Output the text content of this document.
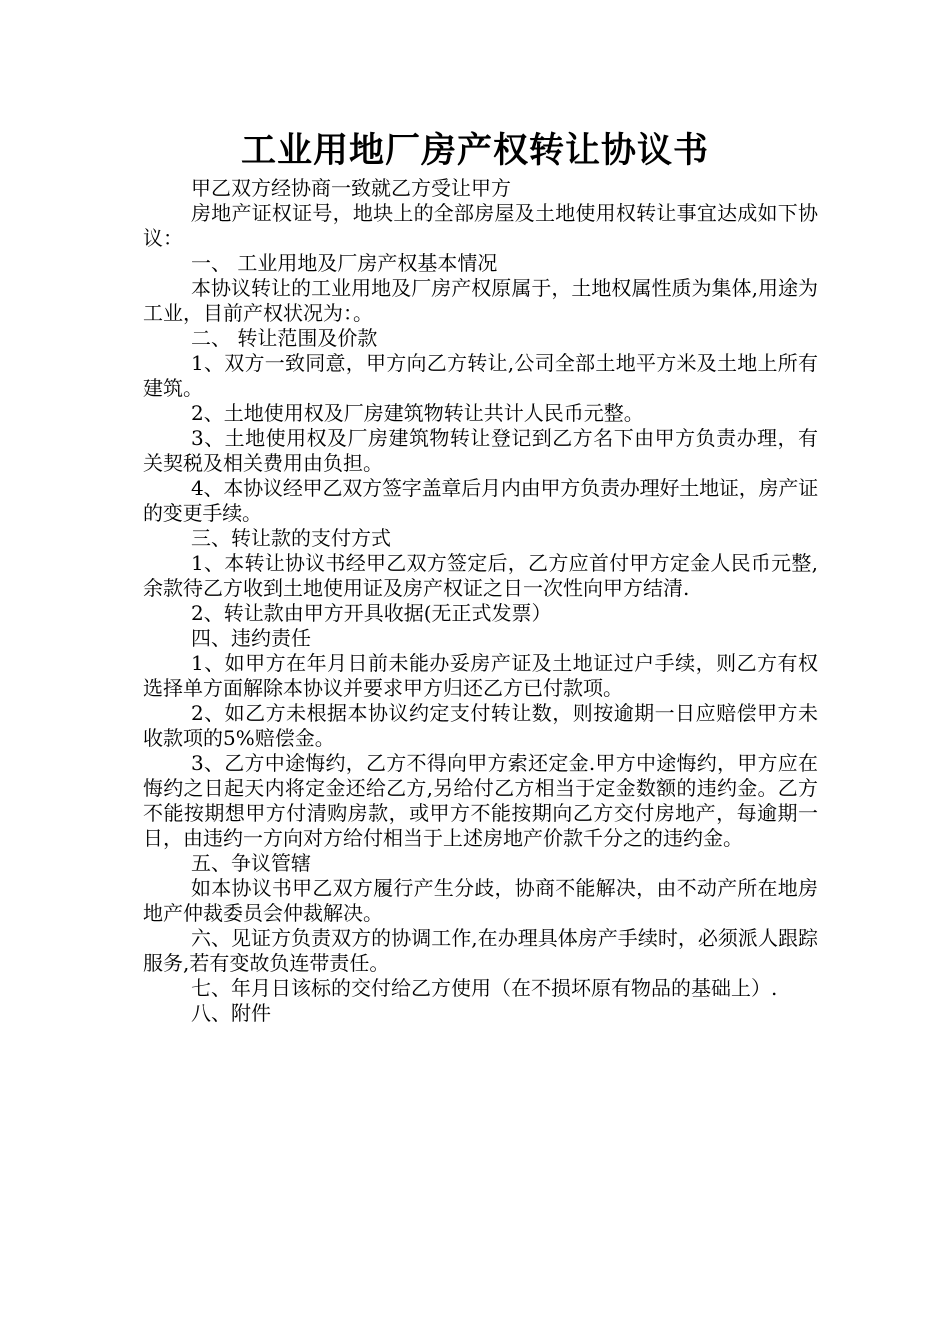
工业用地厂房产权转让协议书

甲乙双方经协商一致就乙方受让甲方

房地产证权证号，地块上的全部房屋及土地使用权转让事宜达成如下协议：

一、 工业用地及厂房产权基本情况

本协议转让的工业用地及厂房产权原属于，土地权属性质为集体,用途为工业，目前产权状况为：。

二、 转让范围及价款

1、双方一致同意，甲方向乙方转让,公司全部土地平方米及土地上所有建筑。

2、土地使用权及厂房建筑物转让共计人民币元整。

3、土地使用权及厂房建筑物转让登记到乙方名下由甲方负责办理，有关契税及相关费用由负担。

4、本协议经甲乙双方签字盖章后月内由甲方负责办理好土地证，房产证的变更手续。

三、转让款的支付方式

1、本转让协议书经甲乙双方签定后，乙方应首付甲方定金人民币元整,余款待乙方收到土地使用证及房产权证之日一次性向甲方结清.

2、转让款由甲方开具收据(无正式发票）

四、违约责任

1、如甲方在年月日前未能办妥房产证及土地证过户手续，则乙方有权选择单方面解除本协议并要求甲方归还乙方已付款项。

2、如乙方未根据本协议约定支付转让数，则按逾期一日应赔偿甲方未收款项的5%赔偿金。

3、乙方中途悔约，乙方不得向甲方索还定金.甲方中途悔约，甲方应在悔约之日起天内将定金还给乙方,另给付乙方相当于定金数额的违约金。乙方不能按期想甲方付清购房款，或甲方不能按期向乙方交付房地产，每逾期一日，由违约一方向对方给付相当于上述房地产价款千分之的违约金。

五、争议管辖

如本协议书甲乙双方履行产生分歧，协商不能解决，由不动产所在地房地产仲裁委员会仲裁解决。

六、见证方负责双方的协调工作,在办理具体房产手续时，必须派人跟踪服务,若有变故负连带责任。

七、年月日该标的交付给乙方使用（在不损坏原有物品的基础上）.

八、附件
